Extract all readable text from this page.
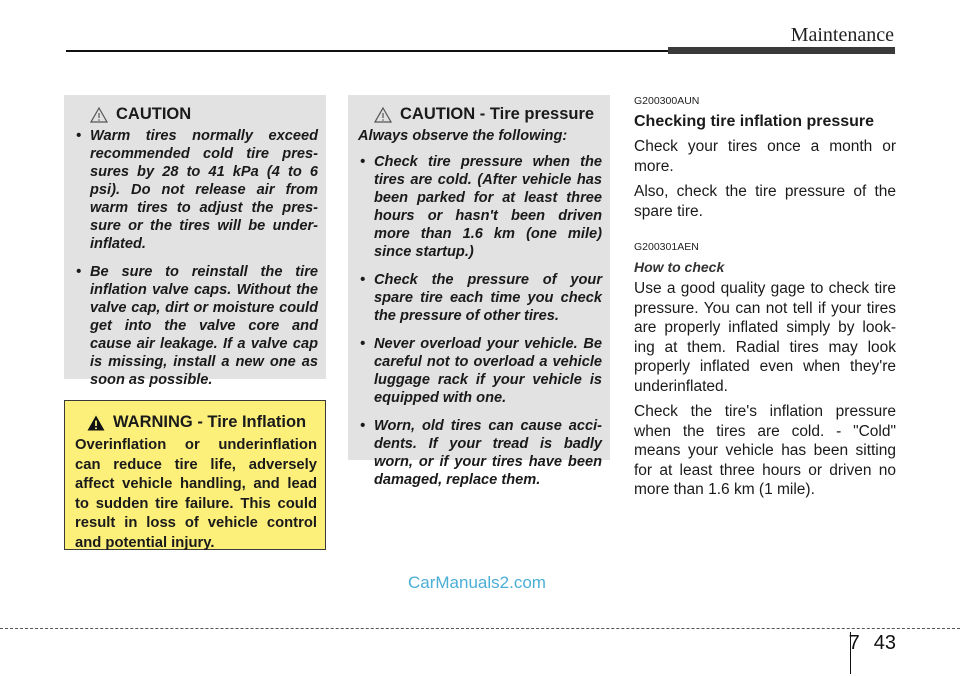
Maintenance
CAUTION
• Warm tires normally exceed recommended cold tire pres-sures by 28 to 41 kPa (4 to 6 psi). Do not release air from warm tires to adjust the pres-sure or the tires will be under-inflated.
• Be sure to reinstall the tire inflation valve caps. Without the valve cap, dirt or moisture could get into the valve core and cause air leakage. If a valve cap is missing, install a new one as soon as possible.
WARNING - Tire Inflation
Overinflation or underinflation can reduce tire life, adversely affect vehicle handling, and lead to sudden tire failure. This could result in loss of vehicle control and potential injury.
CAUTION - Tire pressure
Always observe the following:
• Check tire pressure when the tires are cold. (After vehicle has been parked for at least three hours or hasn't been driven more than 1.6 km (one mile) since startup.)
• Check the pressure of your spare tire each time you check the pressure of other tires.
• Never overload your vehicle. Be careful not to overload a vehicle luggage rack if your vehicle is equipped with one.
• Worn, old tires can cause acci-dents. If your tread is badly worn, or if your tires have been damaged, replace them.
G200300AUN
Checking tire inflation pressure
Check your tires once a month or more.
Also, check the tire pressure of the spare tire.
G200301AEN
How to check
Use a good quality gage to check tire pressure. You can not tell if your tires are properly inflated simply by look-ing at them. Radial tires may look properly inflated even when they're underinflated.
Check the tire's inflation pressure when the tires are cold. - "Cold" means your vehicle has been sitting for at least three hours or driven no more than 1.6 km (1 mile).
CarManuals2.com
7 43
